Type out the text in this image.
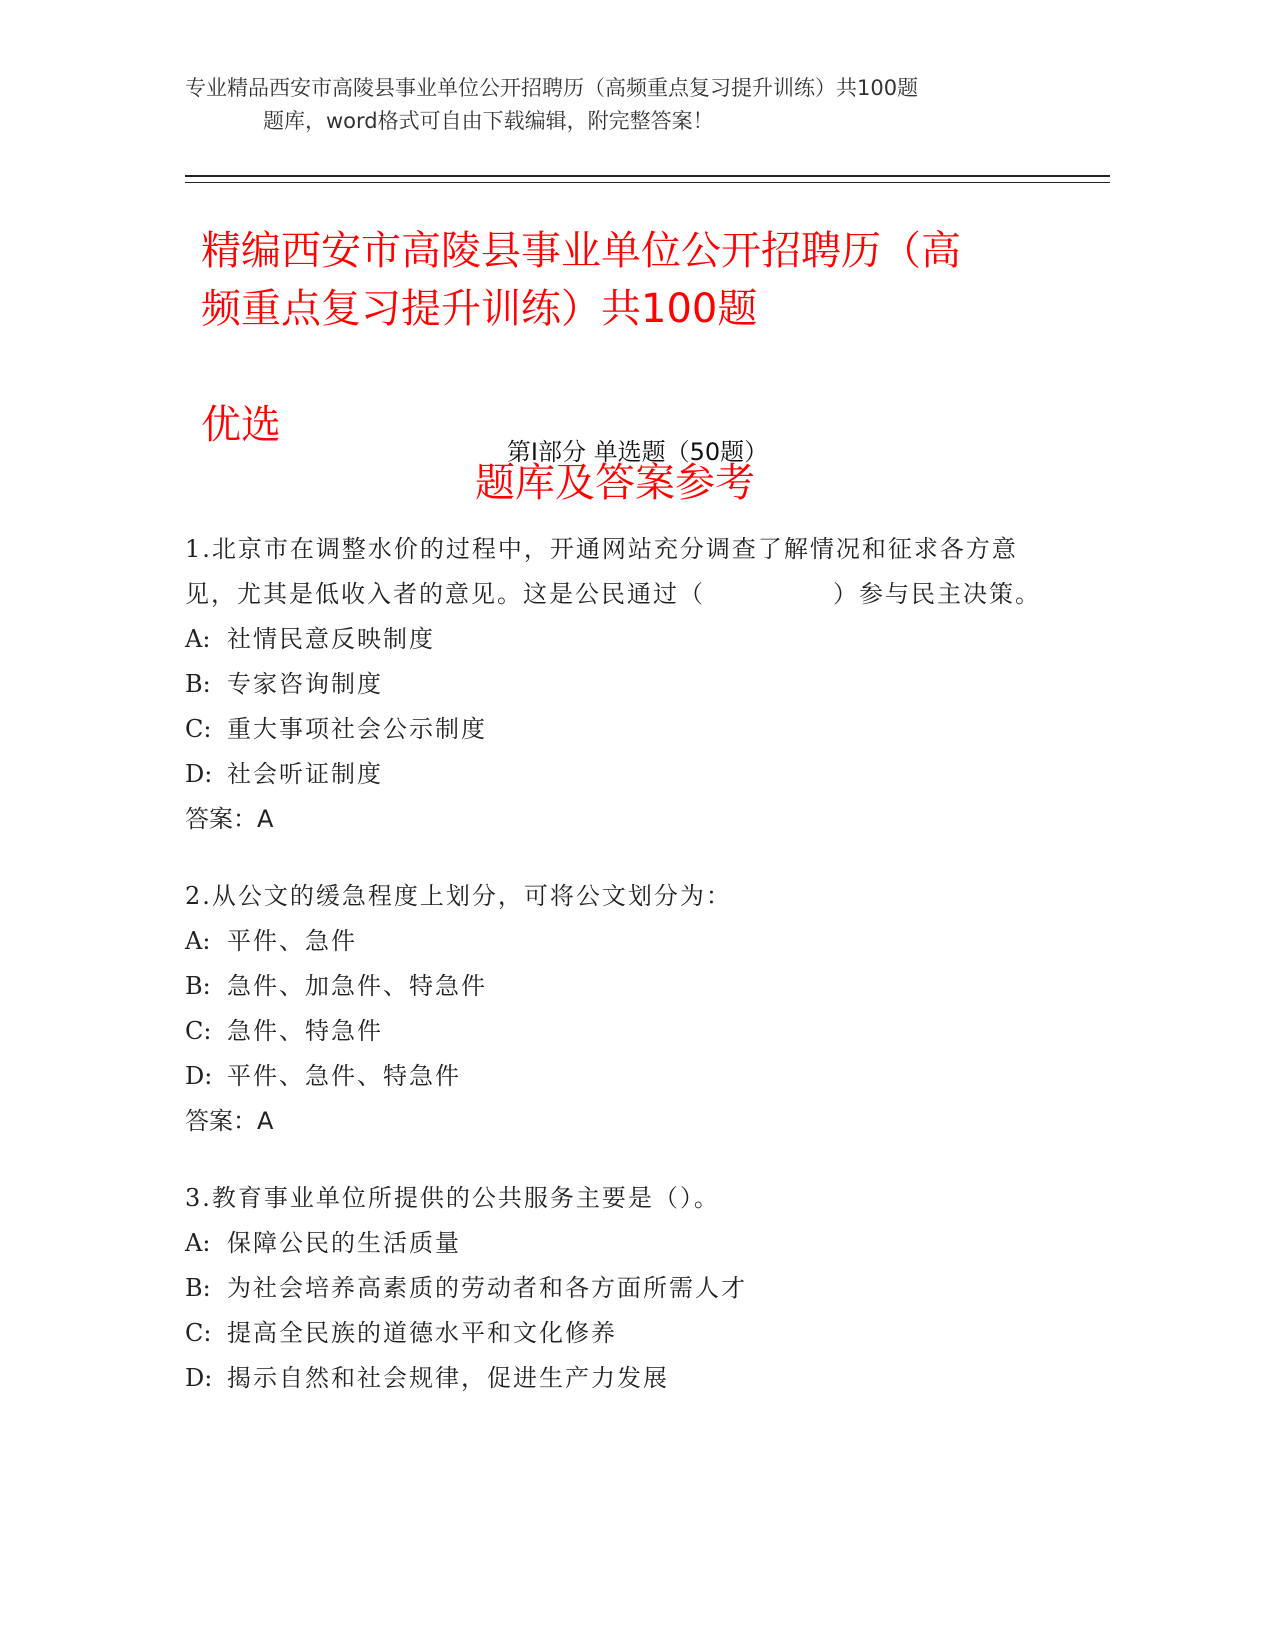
专业精品西安市高陵县事业单位公开招聘历（高频重点复习提升训练）共100题
题库，word格式可自由下载编辑，附完整答案！
精编西安市高陵县事业单位公开招聘历（高
频重点复习提升训练）共100题
优选
题库及答案参考
第Ⅰ部分 单选题（50题）

1.北京市在调整水价的过程中，开通网站充分调查了解情况和征求各方意见，尤其是低收入者的意见。这是公民通过（	）参与民主决策。

A: 社情民意反映制度
B: 专家咨询制度
C: 重大事项社会公示制度
D: 社会听证制度
答案：A

2.从公文的缓急程度上划分，可将公文划分为：

A: 平件、急件
B: 急件、加急件、特急件
C: 急件、特急件
D: 平件、急件、特急件
答案：A

3.教育事业单位所提供的公共服务主要是（）。

A: 保障公民的生活质量
B: 为社会培养高素质的劳动者和各方面所需人才
C: 提高全民族的道德水平和文化修养
D: 揭示自然和社会规律，促进生产力发展
